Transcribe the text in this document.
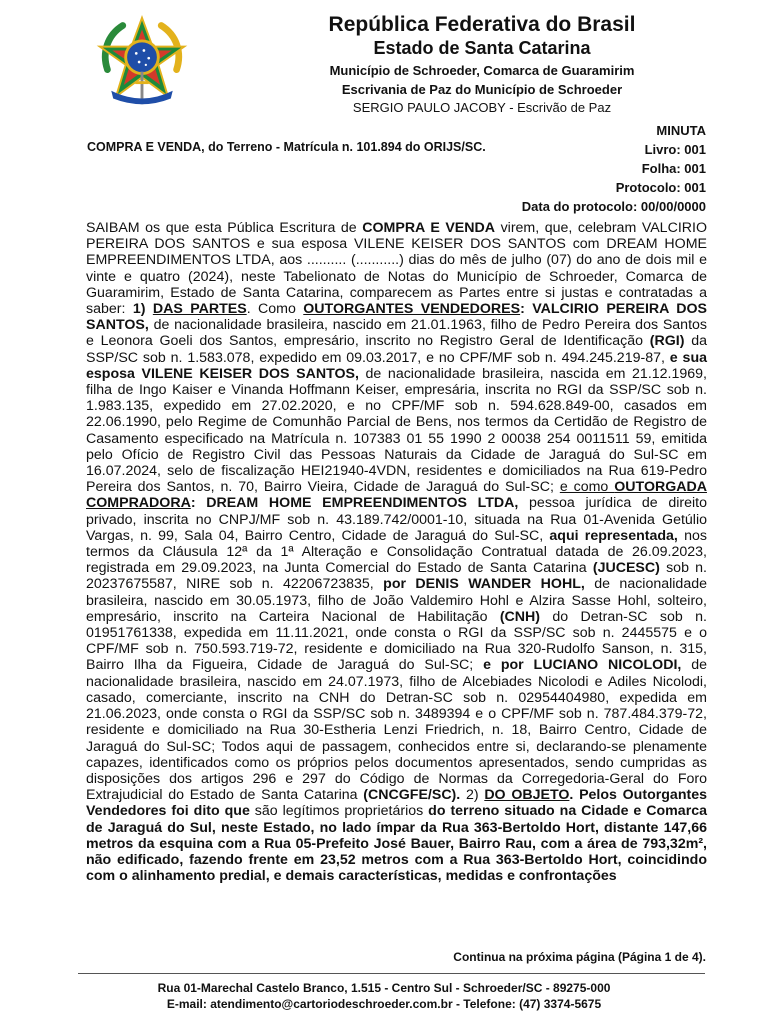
República Federativa do Brasil
Estado de Santa Catarina
Município de Schroeder, Comarca de Guaramirim
Escrivania de Paz do Município de Schroeder
SERGIO PAULO JACOBY - Escrivão de Paz
COMPRA E VENDA, do Terreno - Matrícula n. 101.894 do ORIJS/SC.
MINUTA
Livro: 001
Folha: 001
Protocolo: 001
Data do protocolo: 00/00/0000
SAIBAM os que esta Pública Escritura de COMPRA E VENDA virem, que, celebram VALCIRIO PEREIRA DOS SANTOS e sua esposa VILENE KEISER DOS SANTOS com DREAM HOME EMPREENDIMENTOS LTDA, aos .......... (...........) dias do mês de julho (07) do ano de dois mil e vinte e quatro (2024), neste Tabelionato de Notas do Município de Schroeder, Comarca de Guaramirim, Estado de Santa Catarina, comparecem as Partes entre si justas e contratadas a saber: 1) DAS PARTES. Como OUTORGANTES VENDEDORES: VALCIRIO PEREIRA DOS SANTOS, de nacionalidade brasileira, nascido em 21.01.1963, filho de Pedro Pereira dos Santos e Leonora Goeli dos Santos, empresário, inscrito no Registro Geral de Identificação (RGI) da SSP/SC sob n. 1.583.078, expedido em 09.03.2017, e no CPF/MF sob n. 494.245.219-87, e sua esposa VILENE KEISER DOS SANTOS, de nacionalidade brasileira, nascida em 21.12.1969, filha de Ingo Kaiser e Vinanda Hoffmann Keiser, empresária, inscrita no RGI da SSP/SC sob n. 1.983.135, expedido em 27.02.2020, e no CPF/MF sob n. 594.628.849-00, casados em 22.06.1990, pelo Regime de Comunhão Parcial de Bens, nos termos da Certidão de Registro de Casamento especificado na Matrícula n. 107383 01 55 1990 2 00038 254 0011511 59, emitida pelo Ofício de Registro Civil das Pessoas Naturais da Cidade de Jaraguá do Sul-SC em 16.07.2024, selo de fiscalização HEI21940-4VDN, residentes e domiciliados na Rua 619-Pedro Pereira dos Santos, n. 70, Bairro Vieira, Cidade de Jaraguá do Sul-SC; e como OUTORGADA COMPRADORA: DREAM HOME EMPREENDIMENTOS LTDA, pessoa jurídica de direito privado, inscrita no CNPJ/MF sob n. 43.189.742/0001-10, situada na Rua 01-Avenida Getúlio Vargas, n. 99, Sala 04, Bairro Centro, Cidade de Jaraguá do Sul-SC, aqui representada, nos termos da Cláusula 12ª da 1ª Alteração e Consolidação Contratual datada de 26.09.2023, registrada em 29.09.2023, na Junta Comercial do Estado de Santa Catarina (JUCESC) sob n. 20237675587, NIRE sob n. 42206723835, por DENIS WANDER HOHL, de nacionalidade brasileira, nascido em 30.05.1973, filho de João Valdemiro Hohl e Alzira Sasse Hohl, solteiro, empresário, inscrito na Carteira Nacional de Habilitação (CNH) do Detran-SC sob n. 01951761338, expedida em 11.11.2021, onde consta o RGI da SSP/SC sob n. 2445575 e o CPF/MF sob n. 750.593.719-72, residente e domiciliado na Rua 320-Rudolfo Sanson, n. 315, Bairro Ilha da Figueira, Cidade de Jaraguá do Sul-SC; e por LUCIANO NICOLODI, de nacionalidade brasileira, nascido em 24.07.1973, filho de Alcebiades Nicolodi e Adiles Nicolodi, casado, comerciante, inscrito na CNH do Detran-SC sob n. 02954404980, expedida em 21.06.2023, onde consta o RGI da SSP/SC sob n. 3489394 e o CPF/MF sob n. 787.484.379-72, residente e domiciliado na Rua 30-Estheria Lenzi Friedrich, n. 18, Bairro Centro, Cidade de Jaraguá do Sul-SC; Todos aqui de passagem, conhecidos entre si, declarando-se plenamente capazes, identificados como os próprios pelos documentos apresentados, sendo cumpridas as disposições dos artigos 296 e 297 do Código de Normas da Corregedoria-Geral do Foro Extrajudicial do Estado de Santa Catarina (CNCGFE/SC). 2) DO OBJETO. Pelos Outorgantes Vendedores foi dito que são legítimos proprietários do terreno situado na Cidade e Comarca de Jaraguá do Sul, neste Estado, no lado ímpar da Rua 363-Bertoldo Hort, distante 147,66 metros da esquina com a Rua 05-Prefeito José Bauer, Bairro Rau, com a área de 793,32m², não edificado, fazendo frente em 23,52 metros com a Rua 363-Bertoldo Hort, coincidindo com o alinhamento predial, e demais características, medidas e confrontações
Continua na próxima página (Página 1 de 4).
Rua 01-Marechal Castelo Branco, 1.515 - Centro Sul - Schroeder/SC - 89275-000
E-mail: atendimento@cartoriodeschroeder.com.br - Telefone: (47) 3374-5675
